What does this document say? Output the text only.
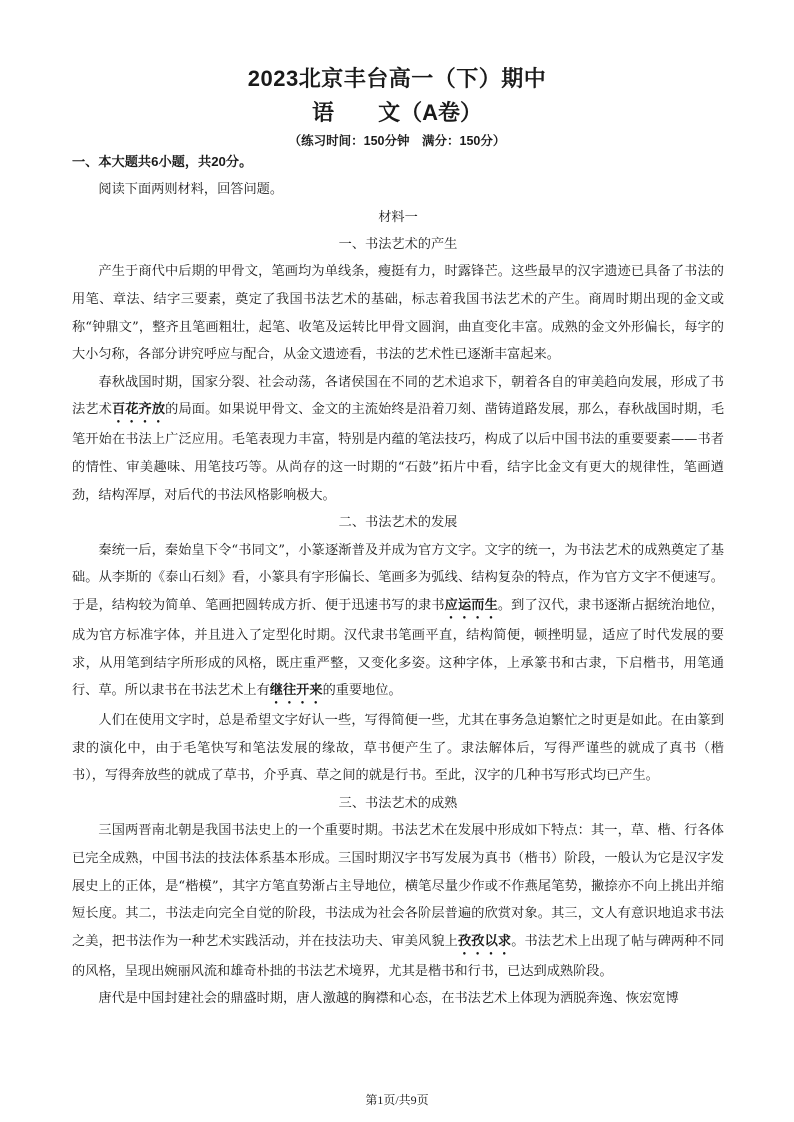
2023北京丰台高一（下）期中
语 文（A卷）
（练习时间：150分钟　满分：150分）
一、本大题共6小题，共20分。
阅读下面两则材料，回答问题。
材料一
一、书法艺术的产生

产生于商代中后期的甲骨文，笔画均为单线条，瘦挺有力，时露锋芒。这些最早的汉字遗迹已具备了书法的用笔、章法、结字三要素，奠定了我国书法艺术的基础，标志着我国书法艺术的产生。商周时期出现的金文或称“钟鼎文”，整齐且笔画粗壮，起笔、收笔及运转比甲骨文圆润，曲直变化丰富。成熟的金文外形偏长，每字的大小匀称，各部分讲究呼应与配合，从金文遗迹看，书法的艺术性已逐渐丰富起来。

春秋战国时期，国家分裂、社会动荡，各诸侯国在不同的艺术追求下，朝着各自的审美趋向发展，形成了书法艺术百花齐放的局面。如果说甲骨文、金文的主流始终是沿着刀刻、凿铸道路发展，那么，春秋战国时期，毛笔开始在书法上广泛应用。毛笔表现力丰富，特别是内蕴的笔法技巧，构成了以后中国书法的重要要素——书者的情性、审美趣味、用笔技巧等。从尚存的这一时期的“石鼓”拓片中看，结字比金文有更大的规律性，笔画遒劲，结构浑厚，对后代的书法风格影响极大。

二、书法艺术的发展

秦统一后，秦始皇下令“书同文”，小篆逐渐普及并成为官方文字。文字的统一，为书法艺术的成熟奠定了基础。从李斯的《泰山石刻》看，小篆具有字形偏长、笔画多为弧线、结构复杂的特点，作为官方文字不便速写。于是，结构较为简单、笔画把圆转成方折、便于迅速书写的隶书应运而生。到了汉代，隶书逐渐占据统治地位，成为官方标准字体，并且进入了定型化时期。汉代隶书笔画平直，结构简便，顿挫明显，适应了时代发展的要求，从用笔到结字所形成的风格，既庄重严整，又变化多姿。这种字体，上承篆书和古隶，下启楷书，用笔通行、草。所以隶书在书法艺术上有继往开来的重要地位。

人们在使用文字时，总是希望文字好认一些，写得简便一些，尤其在事务急迫繁忙之时更是如此。在由篆到隶的演化中，由于毛笔快写和笔法发展的缘故，草书便产生了。隶法解体后，写得严谨些的就成了真书（楷书），写得奔放些的就成了草书，介乎真、草之间的就是行书。至此，汉字的几种书写形式均已产生。

三、书法艺术的成熟

三国两晋南北朝是我国书法史上的一个重要时期。书法艺术在发展中形成如下特点：其一，草、楷、行各体已完全成熟，中国书法的技法体系基本形成。三国时期汉字书写发展为真书（楷书）阶段，一般认为它是汉字发展史上的正体，是“楷模”，其字方笔直势渐占主导地位，横笔尽量少作或不作燕尾笔势，撇捺亦不向上挑出并缩短长度。其二，书法走向完全自觉的阶段，书法成为社会各阶层普遍的欣赏对象。其三，文人有意识地追求书法之美，把书法作为一种艺术实践活动，并在技法功夫、审美风貌上孜孜以求。书法艺术上出现了帖与碑两种不同的风格，呈现出婉丽风流和雄奇朴拙的书法艺术境界，尤其是楷书和行书，已达到成熟阶段。

唐代是中国封建社会的鼎盛时期，唐人激越的胸襟和心态，在书法艺术上体现为洒脱奔逸、恢宏宽博

第1页/共9页
